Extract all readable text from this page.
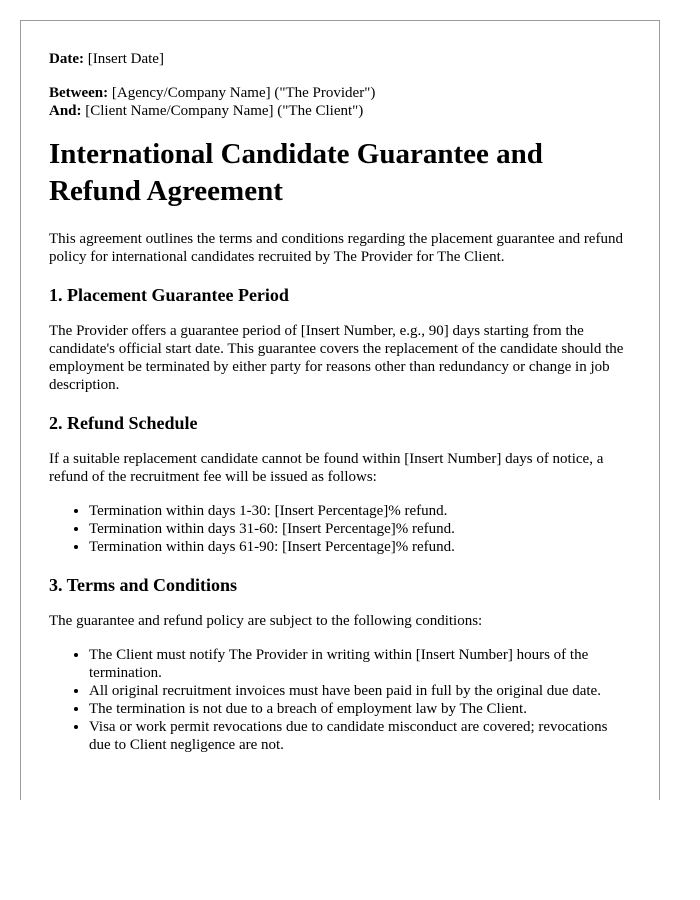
Date: [Insert Date]

Between: [Agency/Company Name] ("The Provider")

And: [Client Name/Company Name] ("The Client")

International Candidate Guarantee and Refund Agreement

This agreement outlines the terms and conditions regarding the placement guarantee and refund policy for international candidates recruited by The Provider for The Client.

1. Placement Guarantee Period

The Provider offers a guarantee period of [Insert Number, e.g., 90] days starting from the candidate's official start date. This guarantee covers the replacement of the candidate should the employment be terminated by either party for reasons other than redundancy or change in job description.

2. Refund Schedule

If a suitable replacement candidate cannot be found within [Insert Number] days of notice, a refund of the recruitment fee will be issued as follows:

• Termination within days 1-30: [Insert Percentage]% refund.
• Termination within days 31-60: [Insert Percentage]% refund.
• Termination within days 61-90: [Insert Percentage]% refund.
3. Terms and Conditions

The guarantee and refund policy are subject to the following conditions:

• The Client must notify The Provider in writing within [Insert Number] hours of the termination.
• All original recruitment invoices must have been paid in full by the original due date.
• The termination is not due to a breach of employment law by The Client.
• Visa or work permit revocations due to candidate misconduct are covered; revocations due to Client negligence are not.
